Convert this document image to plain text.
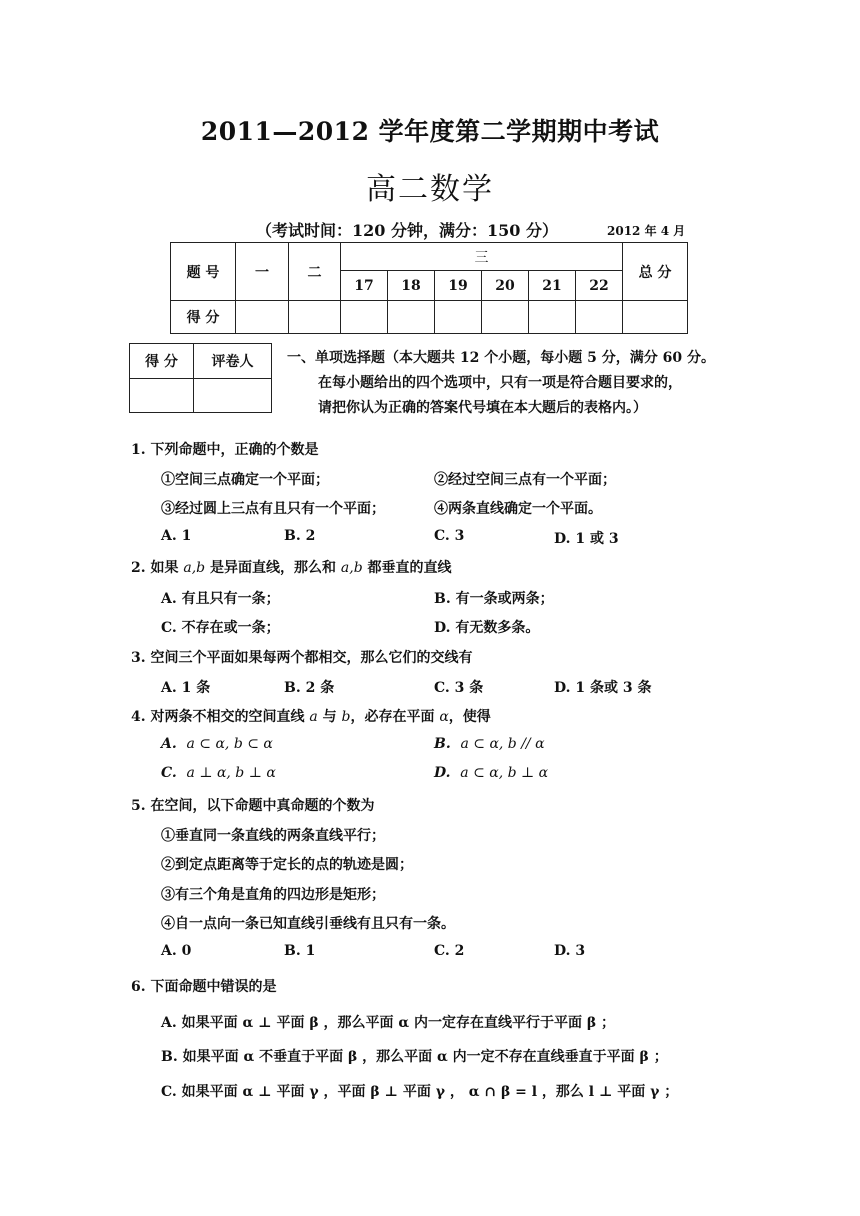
2011—2012 学年度第二学期期中考试
高二数学
（考试时间：120 分钟，满分：150 分）	2012 年 4 月
题 号	一	二	三						总 分
			17	18	19	20	21	22	
得 分									
得 分	评卷人
	一、单项选择题（本大题共 12 个小题，每小题 5 分，满分 60 分。
在每小题给出的四个选项中，只有一项是符合题目要求的，
请把你认为正确的答案代号填在本大题后的表格内。）
1. 下列命题中，正确的个数是
①空间三点确定一个平面；	②经过空间三点有一个平面；
③经过圆上三点有且只有一个平面；	④两条直线确定一个平面。
A. 1	B. 2	C. 3	D. 1 或 3
2. 如果 a,b 是异面直线，那么和 a,b 都垂直的直线
A. 有且只有一条；	B. 有一条或两条；
C. 不存在或一条；	D. 有无数多条。
3. 空间三个平面如果每两个都相交，那么它们的交线有
A. 1 条	B. 2 条	C. 3 条	D. 1 条或 3 条
4. 对两条不相交的空间直线 a 与 b，必存在平面 α，使得
A. a ⊂ α, b ⊂ α	B. a ⊂ α, b // α
C. a ⊥ α, b ⊥ α	D. a ⊂ α, b ⊥ α
5. 在空间，以下命题中真命题的个数为
①垂直同一条直线的两条直线平行；
②到定点距离等于定长的点的轨迹是圆；
③有三个角是直角的四边形是矩形；
④自一点向一条已知直线引垂线有且只有一条。
A. 0	B. 1	C. 2	D. 3
6. 下面命题中错误的是
A. 如果平面 α ⊥ 平面 β ，那么平面 α 内一定存在直线平行于平面 β ；
B. 如果平面 α 不垂直于平面 β ，那么平面 α 内一定不存在直线垂直于平面 β ；
C. 如果平面 α ⊥ 平面 γ ，平面 β ⊥ 平面 γ ， α ∩ β = l ，那么 l ⊥ 平面 γ ；
